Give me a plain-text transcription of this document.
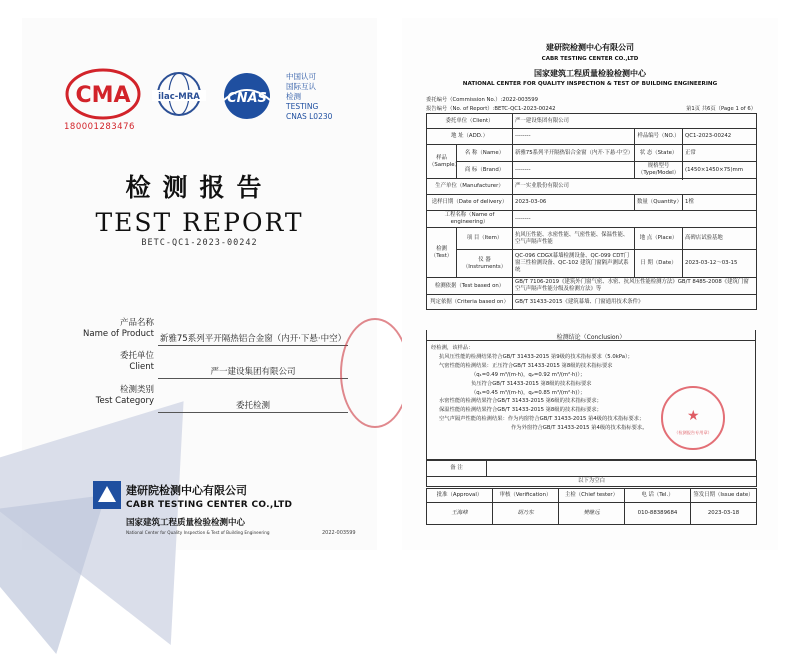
CMA
180001283476
ilac-MRA CNAS
中国认可
国际互认
检测
TESTING
CNAS L0230
检测报告
TEST REPORT
BETC-QC1-2023-00242
产品名称
Name of Product 新雅75系列平开隔热铝合金窗（内开·下悬·中空）
委托单位
Client	严一建设集团有限公司
检测类别
Test Category	委托检测
建研院检测中心有限公司
CABR TESTING CENTER CO.,LTD
国家建筑工程质量检验检测中心
National Center for Quality Inspection & Test of Building Engineering	2022-003599
建研院检测中心有限公司
CABR TESTING CENTER CO.,LTD
国家建筑工程质量检验检测中心
NATIONAL CENTER FOR QUALITY INSPECTION & TEST OF BUILDING ENGINEERING
委托编号（Commission No.）:2022-003599
报告编号（No. of Report）:BETC-QC1-2023-00242	第1页 共6页（Page 1 of 6）
委托单位（Client）		严一建设集团有限公司		
地 址（ADD.）		--------	样品编号（NO.）	QC1-2023-00242
样品（Sample）	名 称（Name）	新雅75系列平开隔热铝合金窗（内开·下悬·中空）	状 态（State）	正常
	商 标（Brand）	--------	规格型号（Type/Model）	(1450×1450×75)mm

生产单位（Manufacturer）		严一实业股份有限公司		
送样日期（Date of delivery）		2023-03-06	数量（Quantity）	1樘
工程名称（Name of engineering）		--------		
检测（Test）	项 目（Item）	抗风压性能、水密性能、气密性能、保温性能、空气声隔声性能	地 点（Place）	高碑店试验基地
	仪 器（Instruments）	QC-096 CDGX幕墙检测设备、QC-099 CDT门窗三性检测设备、QC-102 建筑门窗隔声测试系统	日 期（Date）	2023-03-12～03-15
检测依据（Test based on）		GB/T 7106-2019《建筑外门窗气密、水密、抗风压性能检测方法》GB/T 8485-2008《建筑门窗空气声隔声性能分级及检测方法》等		
判定依据（Criteria based on）		GB/T 31433-2015《建筑幕墙、门窗通用技术条件》		
检测结论（Conclusion）
经检测，该样品：
抗风压性能的检测结果符合GB/T 31433-2015 第9级的技术指标要求（5.0kPa）；
气密性能的检测结果：正压符合GB/T 31433-2015 第8级的技术指标要求
（q₁=0.49 m³/(m·h)，q₂=0.92 m³/(m²·h)）；
负压符合GB/T 31433-2015 第8级的技术指标要求
（q₁=0.45 m³/(m·h)，q₂=0.85 m³/(m²·h)）；
水密性能的检测结果符合GB/T 31433-2015 第6级的技术指标要求；
保温性能的检测结果符合GB/T 31433-2015 第8级的技术指标要求；
空气声隔声性能的检测结果：作为内窗符合GB/T 31433-2015 第4级的技术指标要求；
作为外窗符合GB/T 31433-2015 第4级的技术指标要求。
★
（检测报告专用章）
备 注	
以下为空白
批准（Approval）	审核（Verification）	主检（Chief tester）	电 话（Tel.）	签发日期（Issue date）
王海峰	胡乃东	樊继远	010-88389684	2023-03-18
